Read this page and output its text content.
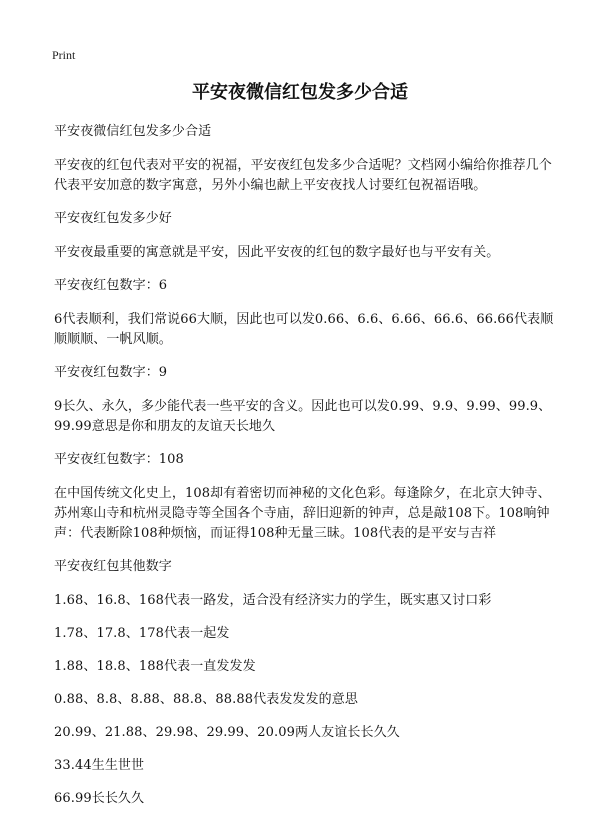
Print
平安夜微信红包发多少合适

平安夜微信红包发多少合适

平安夜的红包代表对平安的祝福，平安夜红包发多少合适呢？文档网小编给你推荐几个代表平安加意的数字寓意，另外小编也献上平安夜找人讨要红包祝福语哦。

平安夜红包发多少好

平安夜最重要的寓意就是平安，因此平安夜的红包的数字最好也与平安有关。

平安夜红包数字：6

6代表顺利，我们常说66大顺，因此也可以发0.66、6.6、6.66、66.6、66.66代表顺顺顺顺、一帆风顺。

平安夜红包数字：9

9长久、永久，多少能代表一些平安的含义。因此也可以发0.99、9.9、9.99、99.9、99.99意思是你和朋友的友谊天长地久

平安夜红包数字：108

在中国传统文化史上，108却有着密切而神秘的文化色彩。每逢除夕，在北京大钟寺、苏州寒山寺和杭州灵隐寺等全国各个寺庙，辞旧迎新的钟声，总是敲108下。108响钟声：代表断除108种烦恼，而证得108种无量三昧。108代表的是平安与吉祥

平安夜红包其他数字

1.68、16.8、168代表一路发，适合没有经济实力的学生，既实惠又讨口彩

1.78、17.8、178代表一起发

1.88、18.8、188代表一直发发发

0.88、8.8、8.88、88.8、88.88代表发发发的意思

20.99、21.88、29.98、29.99、20.09两人友谊长长久久

33.44生生世世

66.99长长久久
